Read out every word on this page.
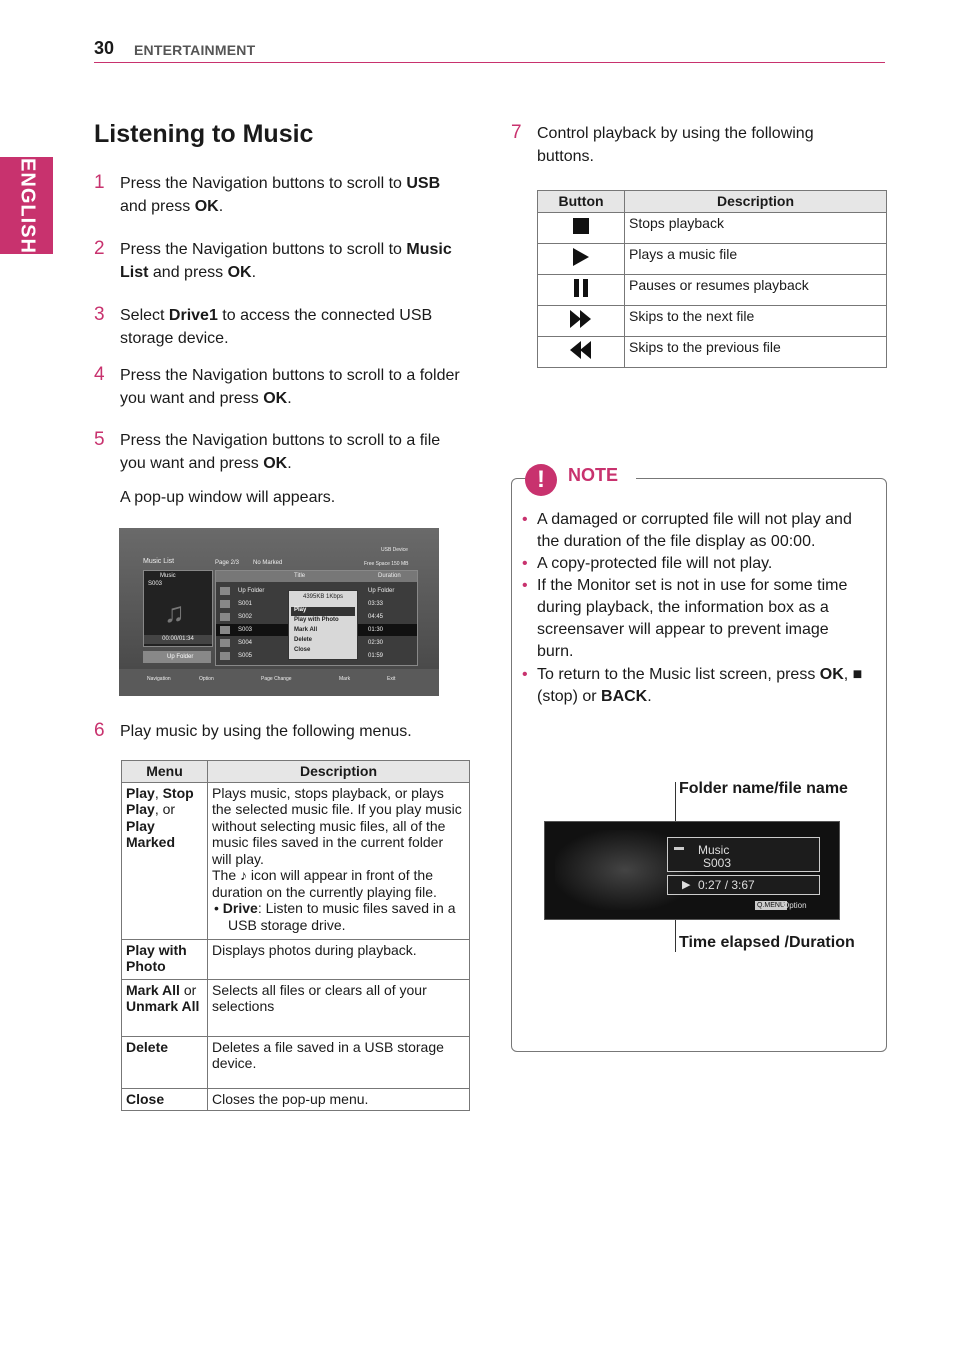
30 ENTERTAINMENT
ENGLISH
Listening to Music
1 Press the Navigation buttons to scroll to USB and press OK.
2 Press the Navigation buttons to scroll to Music List and press OK.
3 Select Drive1 to access the connected USB storage device.
4 Press the Navigation buttons to scroll to a folder you want and press OK.
5 Press the Navigation buttons to scroll to a file you want and press OK.
A pop-up window will appears.
Music List	Page 2/3 No Marked
USB Device
Free Space 150 MB
Music
S003
♫
00:00/01:34
Up Folder
Title	Duration
Up Folder	Up Folder
S001	03:33
S002	04:45
S003	01:30
S004	02:30
S005	01:59
4395KB 1Kbps
Play
Play with Photo
Mark All
Delete
Close
Navigation	Option	Page Change	Mark	Exit
6 Play music by using the following menus.
Menu	Description
Play, Stop Play, or Play Marked	Plays music, stops playback, or plays the selected music file. If you play music without selecting music files, all of the music files saved in the current folder will play.
The ♪ icon will appear in front of the duration on the currently playing file.
• Drive: Listen to music files saved in a USB storage drive.

Play with Photo	Displays photos during playback.
Mark All or Unmark All	Selects all files or clears all of your selections
Delete	Deletes a file saved in a USB storage device.
Close	Closes the pop-up menu.
7 Control playback by using the following buttons.
Button	Description
	Stops playback
	Plays a music file
	Pauses or resumes playback
	Skips to the next file
	Skips to the previous file
!	NOTE
• A damaged or corrupted file will not play and the duration of the file display as 00:00.
• A copy-protected file will not play.
• If the Monitor set is not in use for some time during playback, the information box as a screensaver will appear to prevent image burn.
• To return to the Music list screen, press OK, ■ (stop) or BACK.
Folder name/file name
Time elapsed /Duration
▬ Music
S003
▶ 0:27 / 3:67
Q.MENU
Option
